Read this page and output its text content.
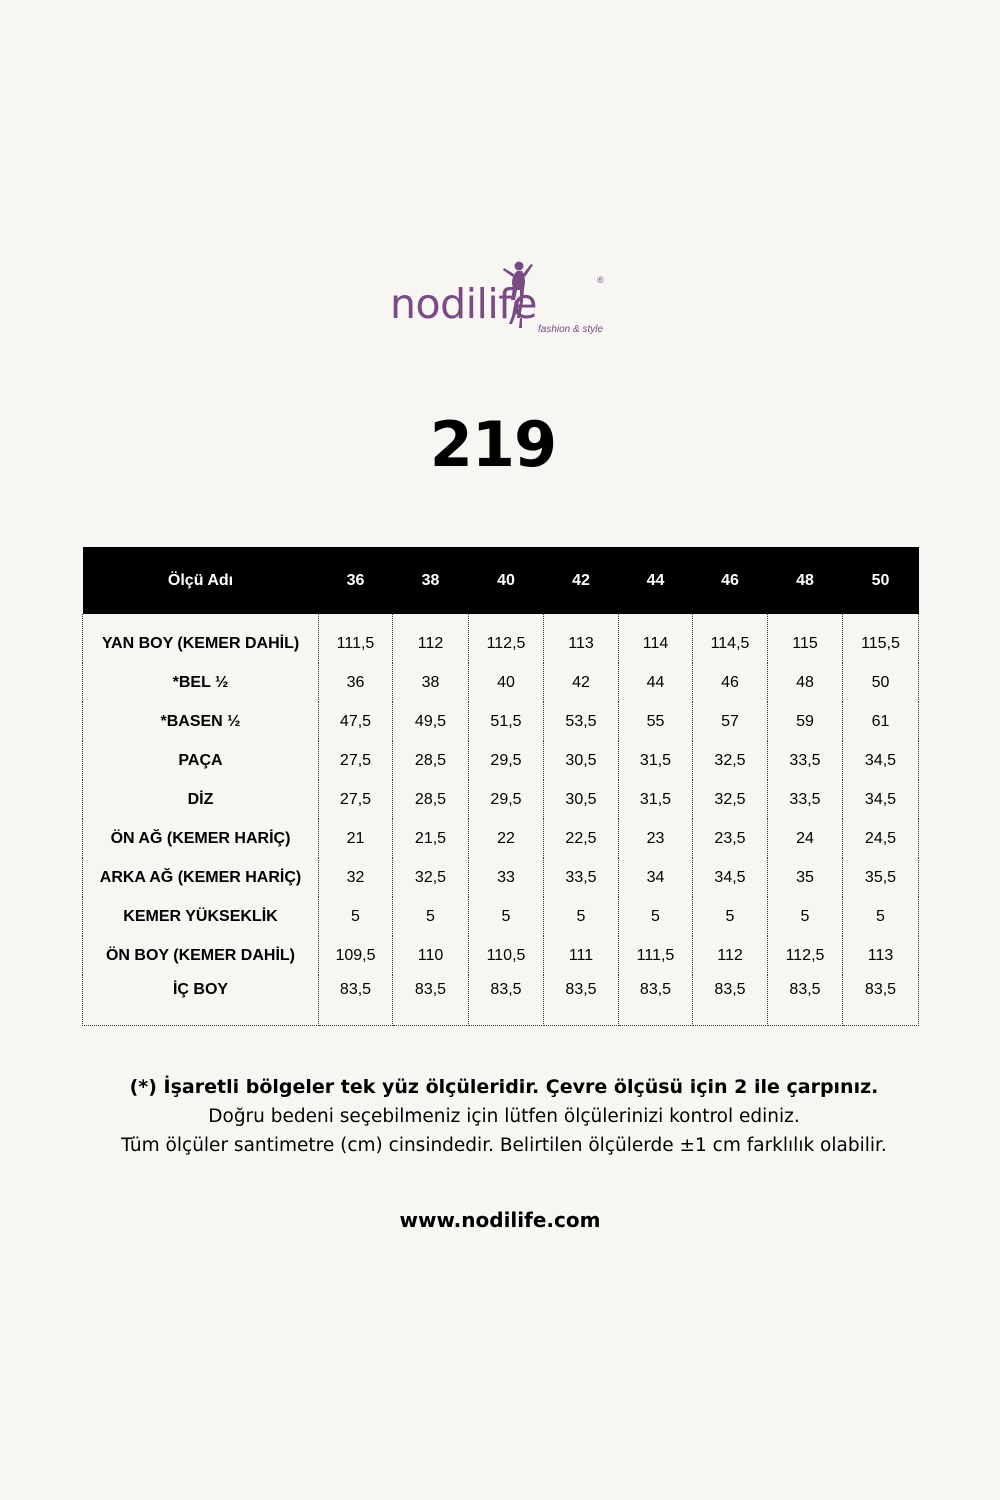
nodilife	®
fashion & style
219
Ölçü Adı	36	38	40	42	44	46	48	50
YAN BOY (KEMER DAHİL)	111,5	112	112,5	113	114	114,5	115	115,5
*BEL ½	36	38	40	42	44	46	48	50
*BASEN ½	47,5	49,5	51,5	53,5	55	57	59	61
PAÇA	27,5	28,5	29,5	30,5	31,5	32,5	33,5	34,5
DİZ	27,5	28,5	29,5	30,5	31,5	32,5	33,5	34,5
ÖN AĞ (KEMER HARİÇ)	21	21,5	22	22,5	23	23,5	24	24,5
ARKA AĞ (KEMER HARİÇ)	32	32,5	33	33,5	34	34,5	35	35,5
KEMER YÜKSEKLİK	5	5	5	5	5	5	5	5
ÖN BOY (KEMER DAHİL)	109,5	110	110,5	111	111,5	112	112,5	113
İÇ BOY	83,5	83,5	83,5	83,5	83,5	83,5	83,5	83,5
(*) İşaretli bölgeler tek yüz ölçüleridir. Çevre ölçüsü için 2 ile çarpınız.
Doğru bedeni seçebilmeniz için lütfen ölçülerinizi kontrol ediniz.
Tüm ölçüler santimetre (cm) cinsindedir. Belirtilen ölçülerde ±1 cm farklılık olabilir.
www.nodilife.com
